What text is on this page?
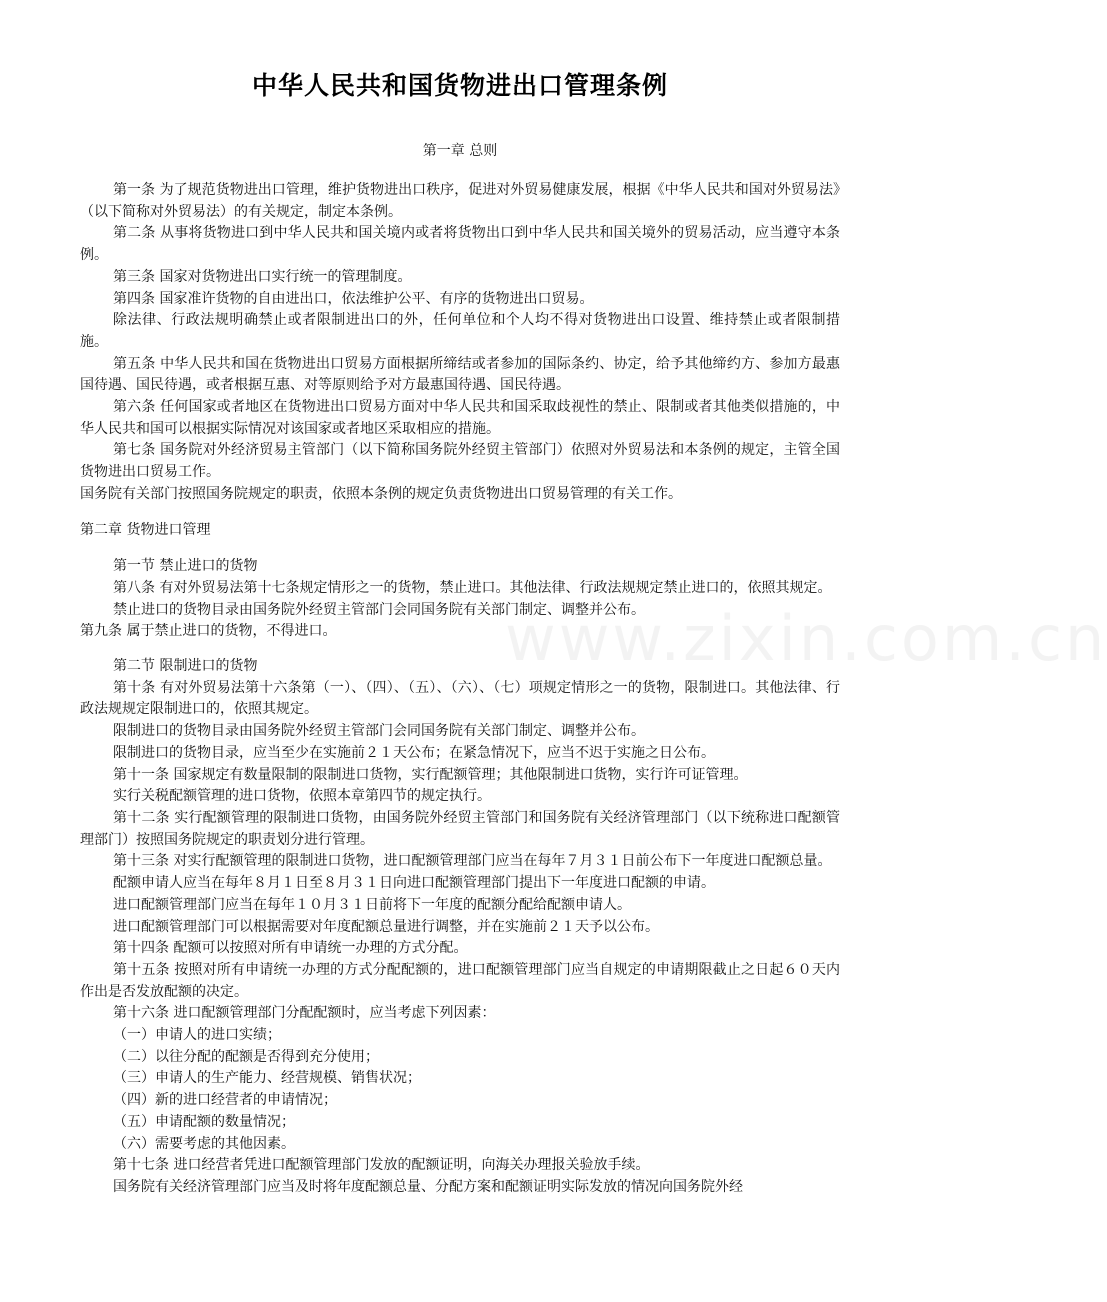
中华人民共和国货物进出口管理条例
第一章 总则
www.zixin.com.cn

第一条 为了规范货物进出口管理，维护货物进出口秩序，促进对外贸易健康发展，根据《中华人民共和国对外贸易法》（以下简称对外贸易法）的有关规定，制定本条例。

第二条 从事将货物进口到中华人民共和国关境内或者将货物出口到中华人民共和国关境外的贸易活动，应当遵守本条例。

第三条 国家对货物进出口实行统一的管理制度。

第四条 国家准许货物的自由进出口，依法维护公平、有序的货物进出口贸易。

除法律、行政法规明确禁止或者限制进出口的外，任何单位和个人均不得对货物进出口设置、维持禁止或者限制措施。

第五条 中华人民共和国在货物进出口贸易方面根据所缔结或者参加的国际条约、协定，给予其他缔约方、参加方最惠国待遇、国民待遇，或者根据互惠、对等原则给予对方最惠国待遇、国民待遇。

第六条 任何国家或者地区在货物进出口贸易方面对中华人民共和国采取歧视性的禁止、限制或者其他类似措施的，中华人民共和国可以根据实际情况对该国家或者地区采取相应的措施。

第七条 国务院对外经济贸易主管部门（以下简称国务院外经贸主管部门）依照对外贸易法和本条例的规定，主管全国货物进出口贸易工作。

国务院有关部门按照国务院规定的职责，依照本条例的规定负责货物进出口贸易管理的有关工作。

第二章 货物进口管理

第一节 禁止进口的货物

第八条 有对外贸易法第十七条规定情形之一的货物，禁止进口。其他法律、行政法规规定禁止进口的，依照其规定。

禁止进口的货物目录由国务院外经贸主管部门会同国务院有关部门制定、调整并公布。

第九条 属于禁止进口的货物，不得进口。

第二节 限制进口的货物

第十条 有对外贸易法第十六条第（一）、（四）、（五）、（六）、（七）项规定情形之一的货物，限制进口。其他法律、行政法规规定限制进口的，依照其规定。

限制进口的货物目录由国务院外经贸主管部门会同国务院有关部门制定、调整并公布。

限制进口的货物目录，应当至少在实施前２１天公布；在紧急情况下，应当不迟于实施之日公布。

第十一条 国家规定有数量限制的限制进口货物，实行配额管理；其他限制进口货物，实行许可证管理。

实行关税配额管理的进口货物，依照本章第四节的规定执行。

第十二条 实行配额管理的限制进口货物，由国务院外经贸主管部门和国务院有关经济管理部门（以下统称进口配额管理部门）按照国务院规定的职责划分进行管理。

第十三条 对实行配额管理的限制进口货物，进口配额管理部门应当在每年７月３１日前公布下一年度进口配额总量。

配额申请人应当在每年８月１日至８月３１日向进口配额管理部门提出下一年度进口配额的申请。

进口配额管理部门应当在每年１０月３１日前将下一年度的配额分配给配额申请人。

进口配额管理部门可以根据需要对年度配额总量进行调整，并在实施前２１天予以公布。

第十四条 配额可以按照对所有申请统一办理的方式分配。

第十五条 按照对所有申请统一办理的方式分配配额的，进口配额管理部门应当自规定的申请期限截止之日起６０天内作出是否发放配额的决定。

第十六条 进口配额管理部门分配配额时，应当考虑下列因素：

（一）申请人的进口实绩；

（二）以往分配的配额是否得到充分使用；

（三）申请人的生产能力、经营规模、销售状况；

（四）新的进口经营者的申请情况；

（五）申请配额的数量情况；

（六）需要考虑的其他因素。

第十七条 进口经营者凭进口配额管理部门发放的配额证明，向海关办理报关验放手续。

国务院有关经济管理部门应当及时将年度配额总量、分配方案和配额证明实际发放的情况向国务院外经
